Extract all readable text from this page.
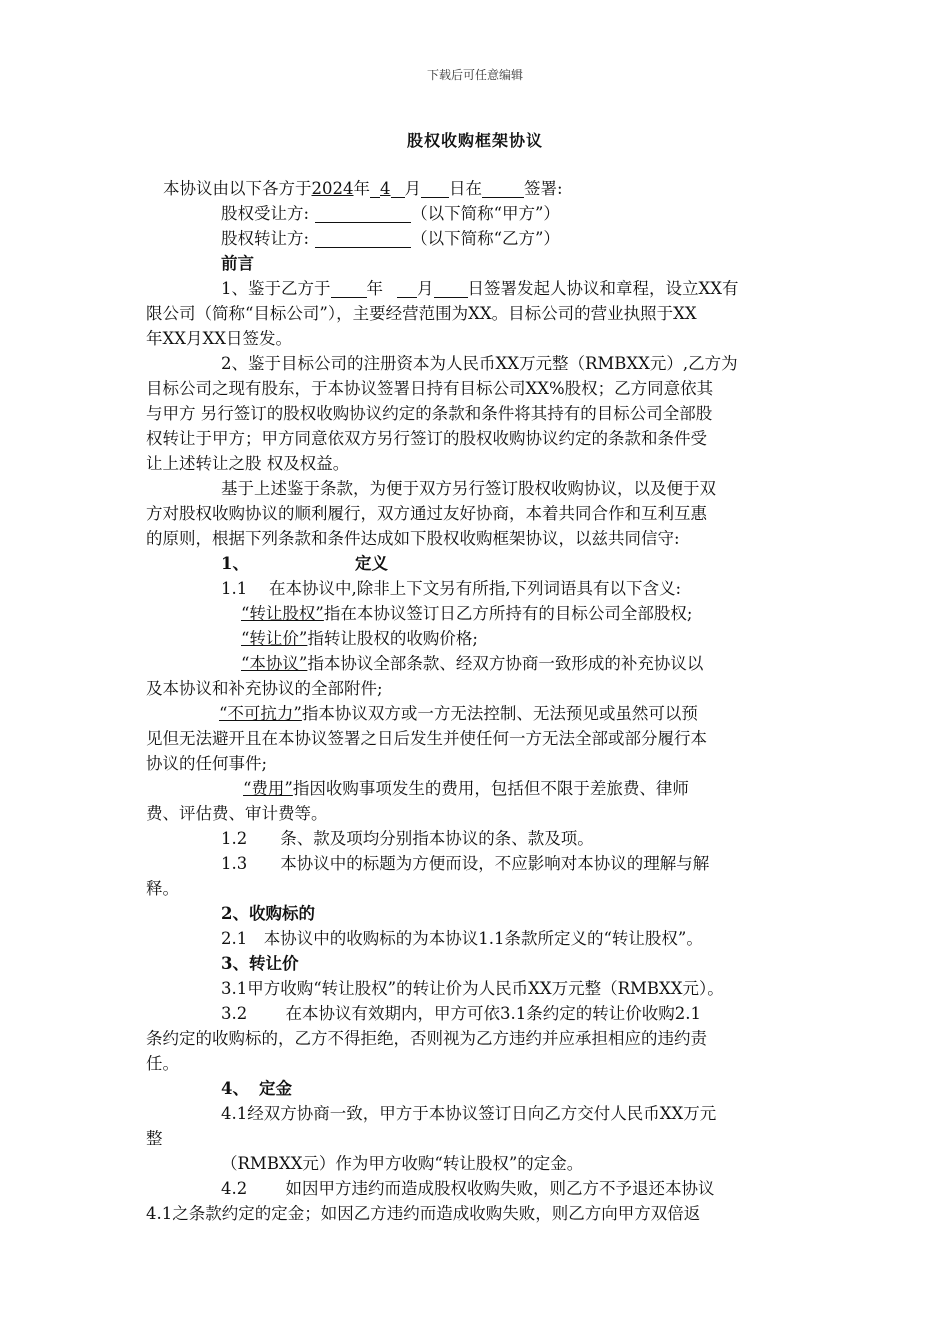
下载后可任意编辑
股权收购框架协议
本协议由以下各方于2024年 4 月 日在	签署:
股权受让方:	（以下简称“甲方”）
股权转让方:	（以下简称“乙方”）
前言
1、鉴于乙方于 年 月 日签署发起人协议和章程，设立XX有
限公司（简称“目标公司”），主要经营范围为XX。目标公司的营业执照于XX
年XX月XX日签发。
2、鉴于目标公司的注册资本为人民币XX万元整（RMBXX元）,乙方为
目标公司之现有股东，于本协议签署日持有目标公司XX%股权；乙方同意依其
与甲方 另行签订的股权收购协议约定的条款和条件将其持有的目标公司全部股
权转让于甲方；甲方同意依双方另行签订的股权收购协议约定的条款和条件受
让上述转让之股 权及权益。
基于上述鉴于条款，为便于双方另行签订股权收购协议，以及便于双
方对股权收购协议的顺利履行，双方通过友好协商，本着共同合作和互利互惠
的原则，根据下列条款和条件达成如下股权收购框架协议，以兹共同信守:
1、	定义
1.1　 在本协议中,除非上下文另有所指,下列词语具有以下含义:
“转让股权”指在本协议签订日乙方所持有的目标公司全部股权;
“转让价”指转让股权的收购价格;
“本协议”指本协议全部条款、经双方协商一致形成的补充协议以
及本协议和补充协议的全部附件;
“不可抗力”指本协议双方或一方无法控制、无法预见或虽然可以预
见但无法避开且在本协议签署之日后发生并使任何一方无法全部或部分履行本
协议的任何事件;
“费用”指因收购事项发生的费用，包括但不限于差旅费、律师
费、评估费、审计费等。
1.2　　条、款及项均分别指本协议的条、款及项。
1.3　　本协议中的标题为方便而设，不应影响对本协议的理解与解
释。
2、收购标的
2.1　本协议中的收购标的为本协议1.1条款所定义的“转让股权”。
3、转让价
3.1甲方收购“转让股权”的转让价为人民币XX万元整（RMBXX元）。
3.2　　 在本协议有效期内，甲方可依3.1条约定的转让价收购2.1
条约定的收购标的，乙方不得拒绝，否则视为乙方违约并应承担相应的违约责
任。
4、 定金
4.1经双方协商一致，甲方于本协议签订日向乙方交付人民币XX万元
整
（RMBXX元）作为甲方收购“转让股权”的定金。
4.2　　 如因甲方违约而造成股权收购失败，则乙方不予退还本协议
4.1之条款约定的定金；如因乙方违约而造成收购失败，则乙方向甲方双倍返
